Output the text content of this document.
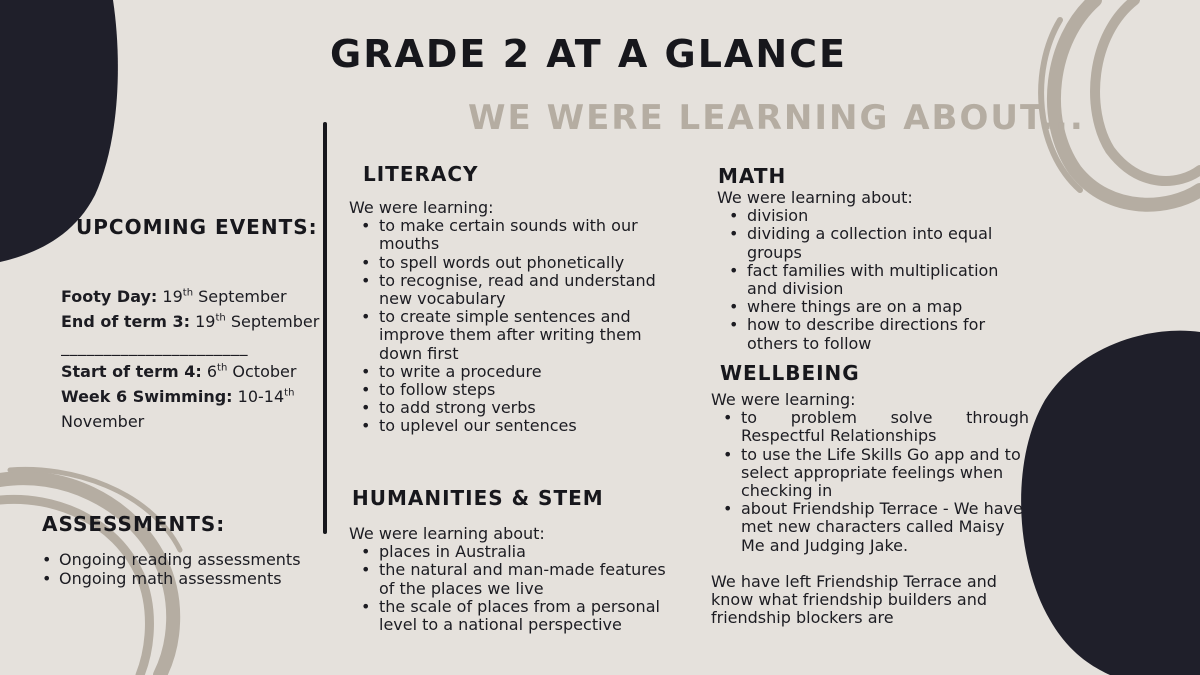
GRADE 2 AT A GLANCE
WE WERE LEARNING ABOUT...
UPCOMING EVENTS:

Footy Day: 19th September

End of term 3: 19th September

______________________

Start of term 4: 6th October

Week 6 Swimming: 10-14th November

ASSESSMENTS:
• Ongoing reading assessments
• Ongoing math assessments
LITERACY

We were learning:

• to make certain sounds with our mouths
• to spell words out phonetically
• to recognise, read and understand new vocabulary
• to create simple sentences and improve them after writing them down first
• to write a procedure
• to follow steps
• to add strong verbs
• to uplevel our sentences
HUMANITIES & STEM

We were learning about:

• places in Australia
• the natural and man-made features of the places we live
• the scale of places from a personal level to a national perspective
MATH

We were learning about:

• division
• dividing a collection into equal groups
• fact families with multiplication and division
• where things are on a map
• how to describe directions for others to follow
WELLBEING

We were learning:

• to problem solve through Respectful Relationships
• to use the Life Skills Go app and to select appropriate feelings when checking in
• about Friendship Terrace - We have met new characters called Maisy Me and Judging Jake.

We have left Friendship Terrace and know what friendship builders and friendship blockers are
